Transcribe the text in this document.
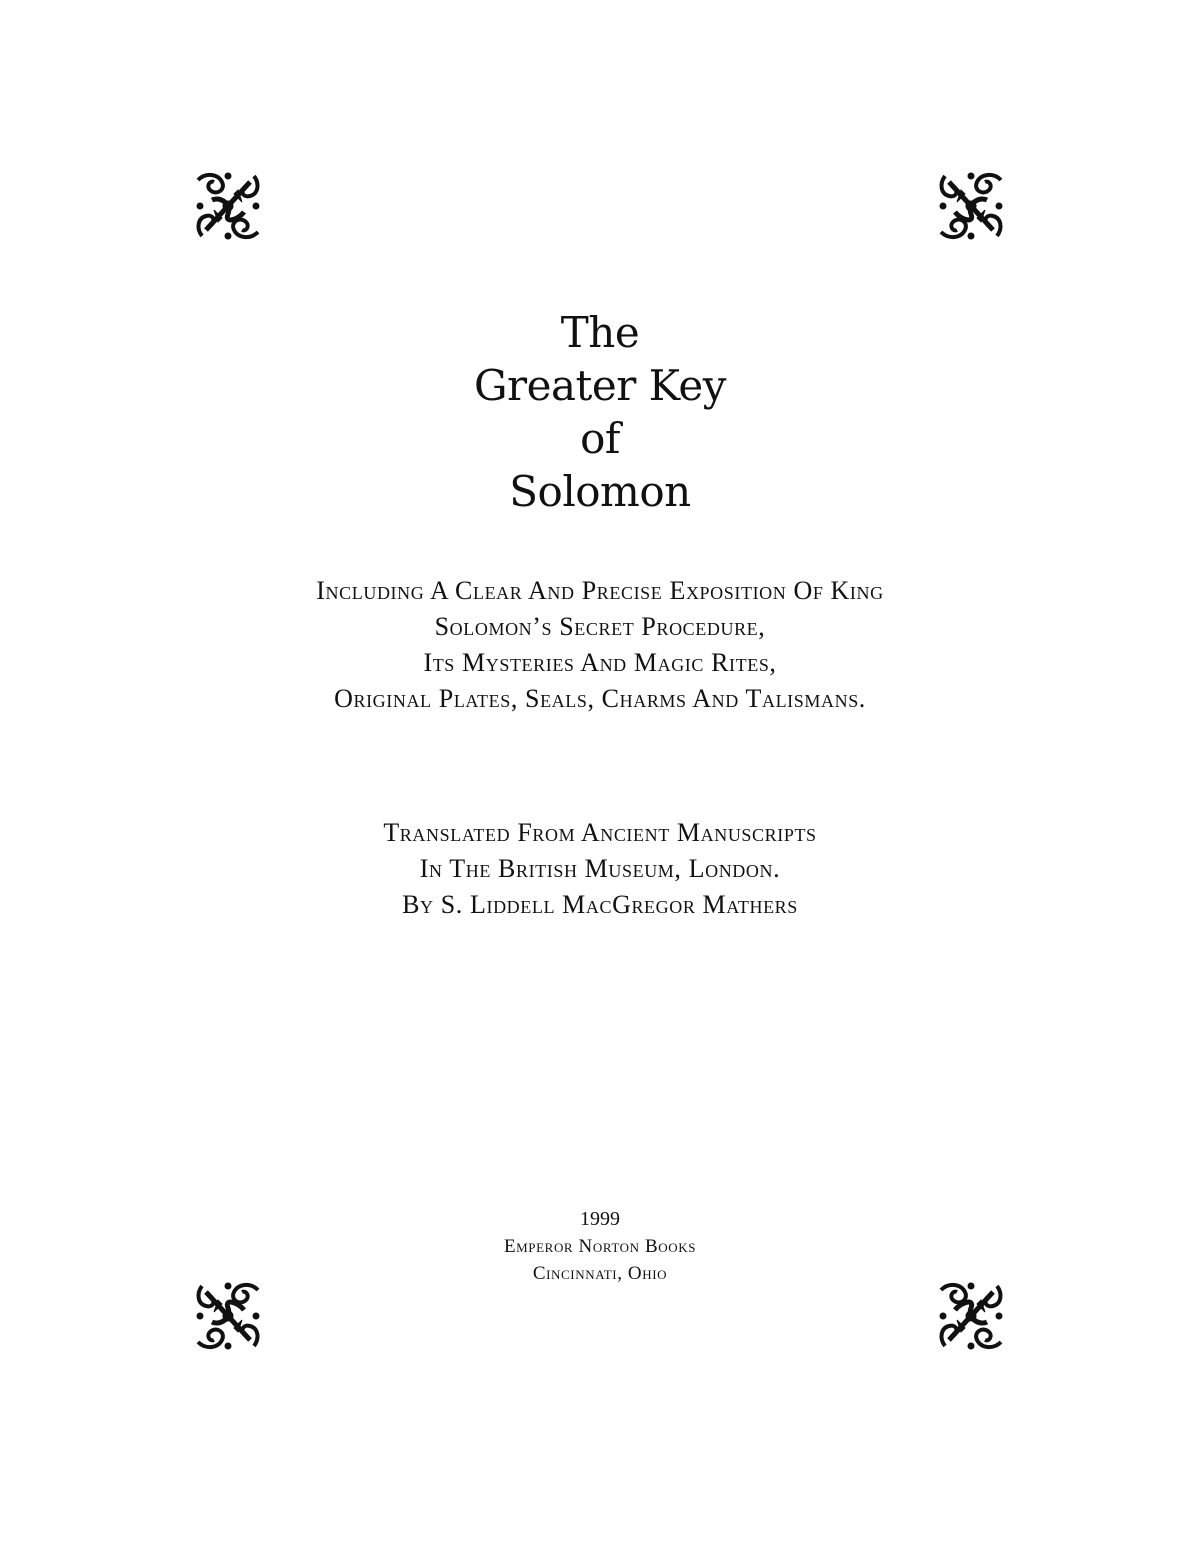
The
Greater Key
of
Solomon
Including A Clear And Precise Exposition Of King
Solomon’s Secret Procedure,
Its Mysteries And Magic Rites,
Original Plates, Seals, Charms And Talismans.
Translated From Ancient Manuscripts
In The British Museum, London.
By S. Liddell MacGregor Mathers
1999
Emperor Norton Books
Cincinnati, Ohio
